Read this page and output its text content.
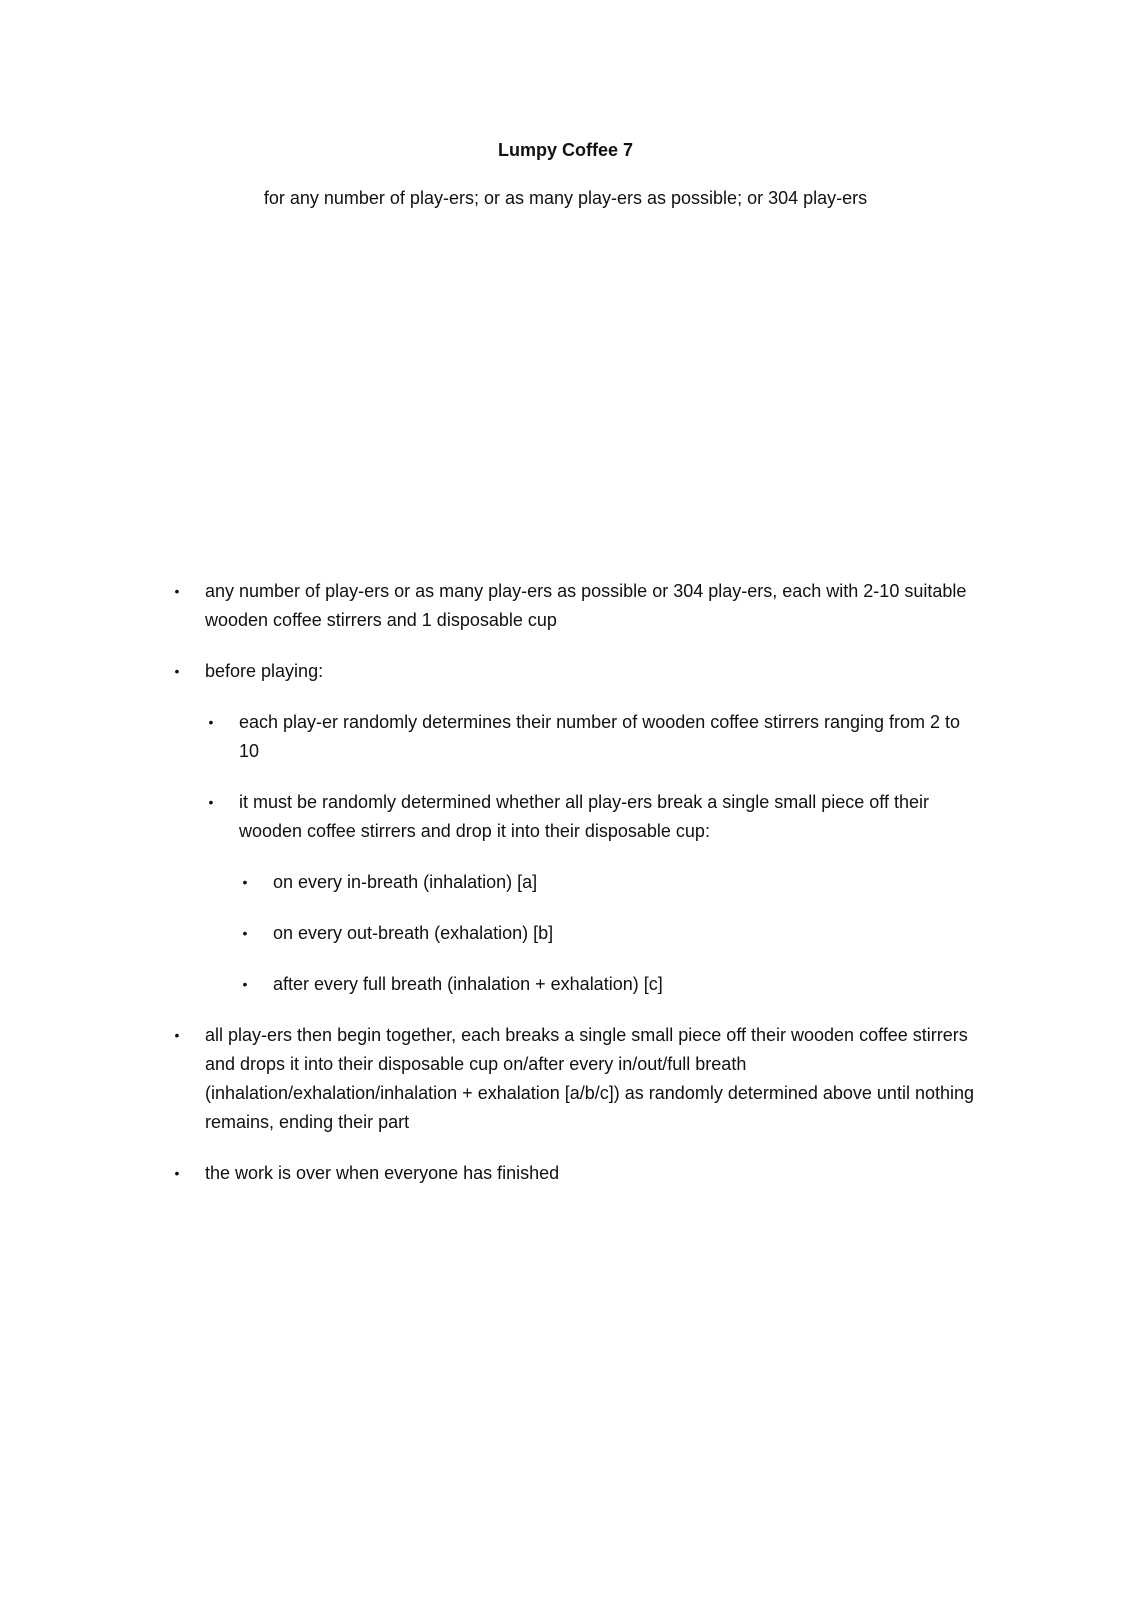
Lumpy Coffee 7
for any number of play-ers; or as many play-ers as possible; or 304 play-ers
• any number of play-ers or as many play-ers as possible or 304 play-ers, each with 2-10 suitable wooden coffee stirrers and 1 disposable cup
• before playing:
• each play-er randomly determines their number of wooden coffee stirrers ranging from 2 to 10
• it must be randomly determined whether all play-ers break a single small piece off their wooden coffee stirrers and drop it into their disposable cup:
• on every in-breath (inhalation) [a]
• on every out-breath (exhalation) [b]
• after every full breath (inhalation + exhalation) [c]
• all play-ers then begin together, each breaks a single small piece off their wooden coffee stirrers and drops it into their disposable cup on/after every in/out/full breath (inhalation/exhalation/inhalation + exhalation [a/b/c]) as randomly determined above until nothing remains, ending their part
• the work is over when everyone has finished
